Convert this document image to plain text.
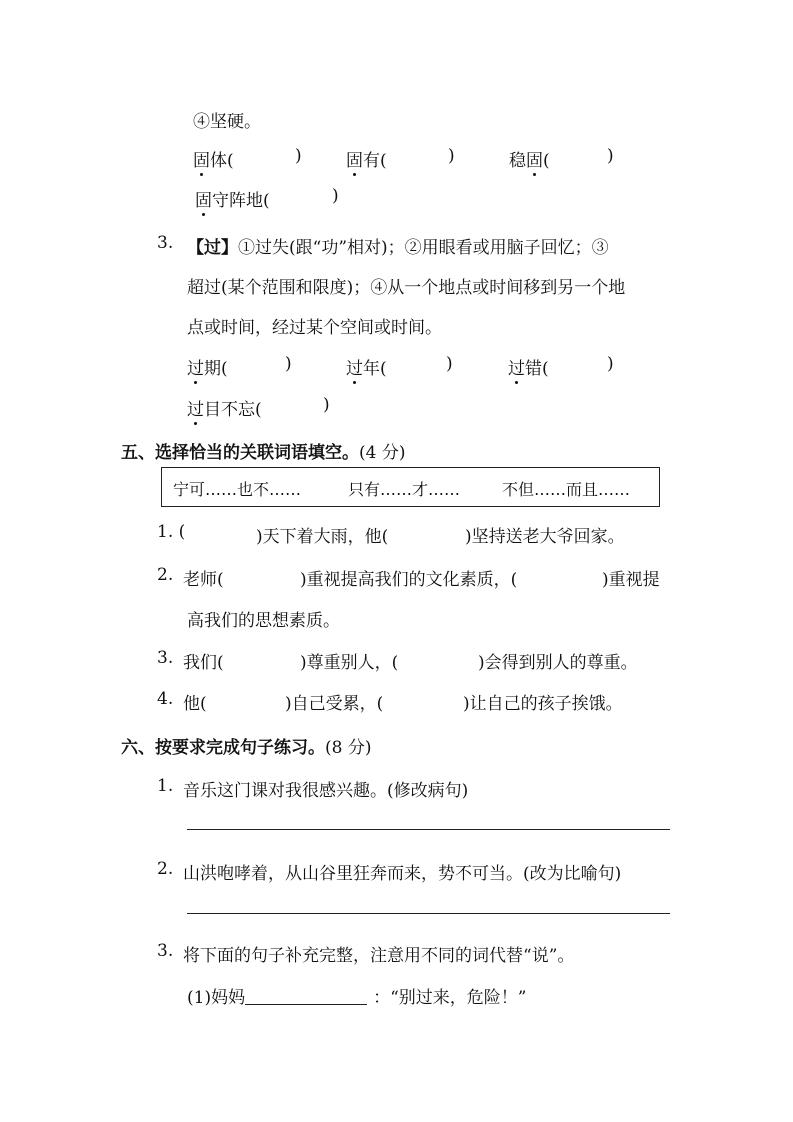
④坚硬。
固体(	)	固有(	)	稳固(	)
固守阵地(	)
3. 【过】①过失(跟“功”相对)；②用眼看或用脑子回忆；③
超过(某个范围和限度)；④从一个地点或时间移到另一个地
点或时间，经过某个空间或时间。
过期(	)	过年(	)	过错(	)
过目不忘(	)
五、选择恰当的关联词语填空。(4 分)
宁可……也不……	只有……才……	不但……而且……
1. (	)天下着大雨，他(	)坚持送老大爷回家。
2. 老师(	)重视提高我们的文化素质，(	)重视提
高我们的思想素质。
3. 我们(	)尊重别人，(	)会得到别人的尊重。
4. 他(	)自己受累，(	)让自己的孩子挨饿。
六、按要求完成句子练习。(8 分)
1. 音乐这门课对我很感兴趣。(修改病句)
2. 山洪咆哮着，从山谷里狂奔而来，势不可当。(改为比喻句)
3. 将下面的句子补充完整，注意用不同的词代替“说”。
(1)妈妈	：“别过来，危险！”
